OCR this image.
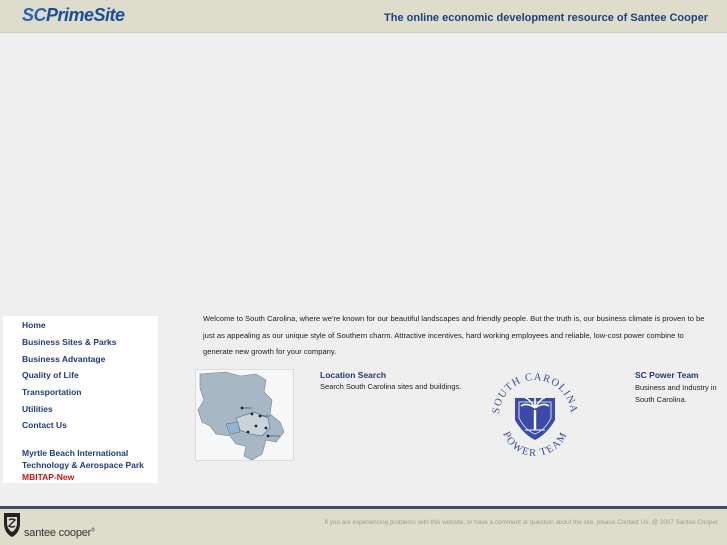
SCPrimeSite	The online economic development resource of Santee Cooper
Home
Business Sites & Parks
Business Advantage
Quality of Life
Transportation
Utilities
Contact Us
Myrtle Beach International
Technology & Aerospace Park
MBITAP-New

Welcome to South Carolina, where we're known for our beautiful landscapes and friendly people. But the truth is, our business climate is proven to be just as appealing as our unique style of Southern charm. Attractive incentives, hard working employees and reliable, low-cost power combine to generate new growth for your company.

Location Search
Search South Carolina sites and buildings.
SOUTH CAROLINA
POWER TEAM
SC Power Team
Business and Industry in South Carolina.
santee cooper®
If you are experiencing problems with this website, or have a comment or question about the site, please Contact Us. @ 2007 Santee Cooper
